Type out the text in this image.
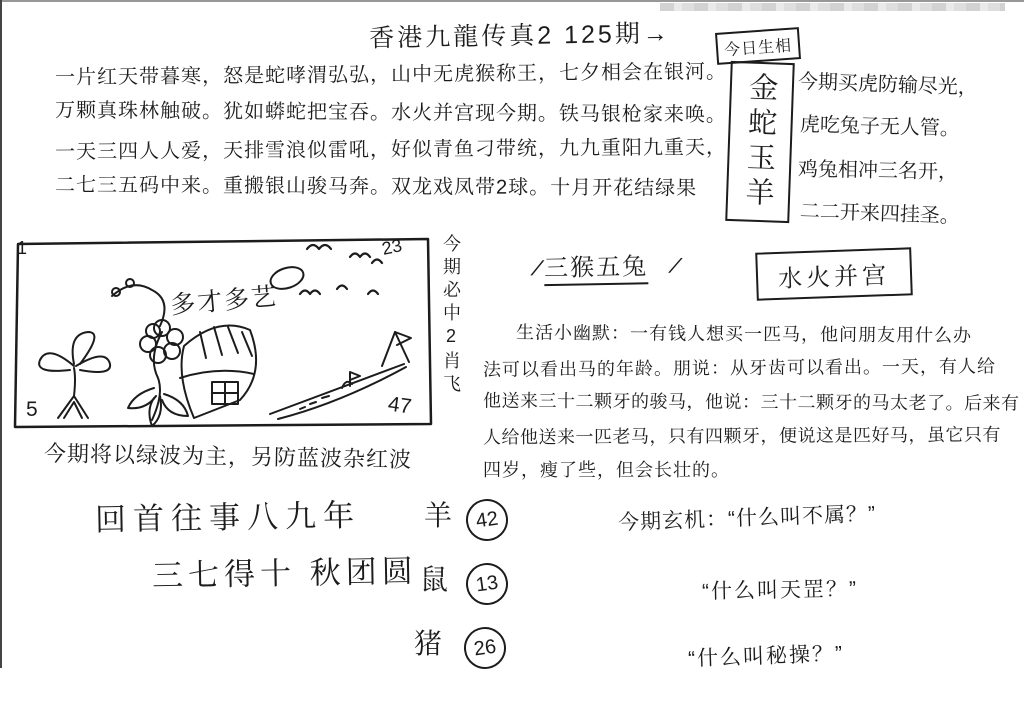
香港九龍传真2 125期→
一片红天带暮寒，怒是蛇哮渭弘弘，山中无虎猴称王，七夕相会在银河。
万颗真珠林触破。犹如蟒蛇把宝吞。水火并宫现今期。铁马银枪家来唤。
一天三四人人爱，天排雪浪似雷吼，好似青鱼刁带统，九九重阳九重天，
二七三五码中来。重搬银山骏马奔。双龙戏凤带2球。十月开花结绿果
今日生相
金蛇玉羊 今期买虎防输尽光，
虎吃兔子无人管。
鸡兔相冲三名开，
二二开来四挂圣。
1	23
5	47
多才多艺	今期必中2肖飞
今期将以绿波为主，另防蓝波杂红波
∕三猴五兔 ∕	水火并宫
生活小幽默：一有钱人想买一匹马，他问朋友用什么办
法可以看出马的年龄。朋说：从牙齿可以看出。一天，有人给
他送来三十二颗牙的骏马，他说：三十二颗牙的马太老了。后来有
人给他送来一匹老马，只有四颗牙，便说这是匹好马，虽它只有
四岁，瘦了些，但会长壮的。
回首往事八九年
三七得十 秋团圆
羊 42
鼠 13
猪 26
今期玄机：“什么叫不属？”
“什么叫天罡？”
“什么叫秘操？”
